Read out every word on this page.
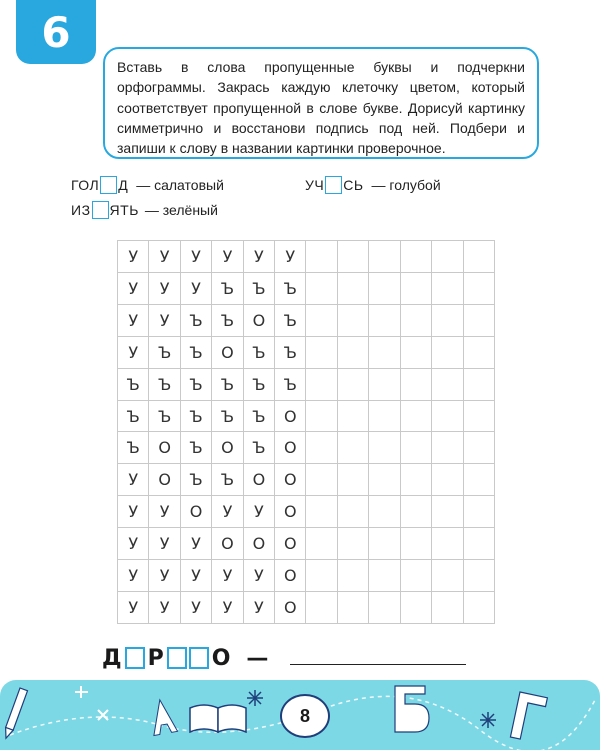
6
Вставь в слова пропущенные буквы и подчеркни орфограммы. Закрась каждую клеточку цветом, который соответствует пропущенной в слове букве. Дорисуй картинку симметрично и восстанови подпись под ней. Подбери и запиши к слову в названии картинки проверочное.
ГОЛ Д — салатовый	УЧ СЬ — голубой
ИЗ ЯТЬ — зелёный
У	У	У	У	У	У
У	У	У	Ъ	Ъ	Ъ
У	У	Ъ	Ъ	О	Ъ
У	Ъ	Ъ	О	Ъ	Ъ
Ъ	Ъ	Ъ	Ъ	Ъ	Ъ
Ъ	Ъ	Ъ	Ъ	Ъ	О
Ъ	О	Ъ	О	Ъ	О
У	О	Ъ	Ъ	О	О
У	У	О	У	У	О
У	У	У	О	О	О
У	У	У	У	У	О
У	У	У	У	У	О
Д Р О —
8
